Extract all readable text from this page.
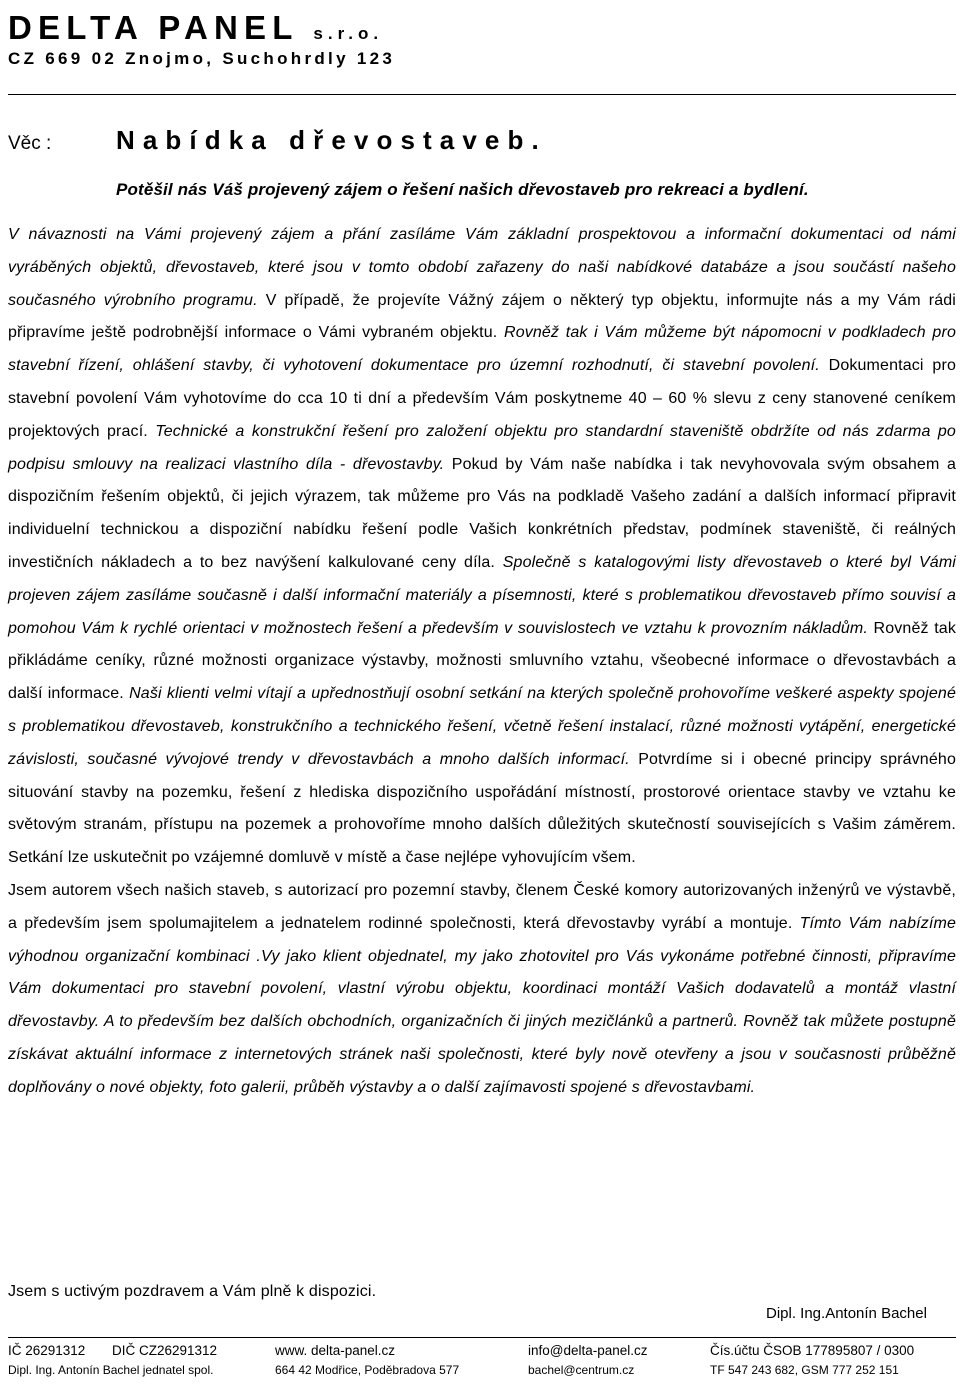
DELTA PANEL s.r.o.
CZ 669 02 Znojmo, Suchohrdly 123
Věc : Nabídka dřevostaveb.
Potěšil nás Váš projevený zájem o řešení našich dřevostaveb pro rekreaci a bydlení.

V návaznosti na Vámi projevený zájem a přání zasíláme Vám základní prospektovou a informační dokumentaci od námi vyráběných objektů, dřevostaveb, které jsou v tomto období zařazeny do naši nabídkové databáze a jsou součástí našeho současného výrobního programu. V případě, že projevíte Vážný zájem o některý typ objektu, informujte nás a my Vám rádi připravíme ještě podrobnější informace o Vámi vybraném objektu. Rovněž tak i Vám můžeme být nápomocni v podkladech pro stavební řízení, ohlášení stavby, či vyhotovení dokumentace pro územní rozhodnutí, či stavební povolení. Dokumentaci pro stavební povolení Vám vyhotovíme do cca 10 ti dní a především Vám poskytneme 40 – 60 % slevu z ceny stanovené ceníkem projektových prací. Technické a konstrukční řešení pro založení objektu pro standardní staveniště obdržíte od nás zdarma po podpisu smlouvy na realizaci vlastního díla - dřevostavby. Pokud by Vám naše nabídka i tak nevyhovovala svým obsahem a dispozičním řešením objektů, či jejich výrazem, tak můžeme pro Vás na podkladě Vašeho zadání a dalších informací připravit individuelní technickou a dispoziční nabídku řešení podle Vašich konkrétních představ, podmínek staveniště, či reálných investičních nákladech a to bez navýšení kalkulované ceny díla. Společně s katalogovými listy dřevostaveb o které byl Vámi projeven zájem zasíláme současně i další informační materiály a písemnosti, které s problematikou dřevostaveb přímo souvisí a pomohou Vám k rychlé orientaci v možnostech řešení a především v souvislostech ve vztahu k provozním nákladům. Rovněž tak přikládáme ceníky, různé možnosti organizace výstavby, možnosti smluvního vztahu, všeobecné informace o dřevostavbách a další informace. Naši klienti velmi vítají a upřednostňují osobní setkání na kterých společně prohovoříme veškeré aspekty spojené s problematikou dřevostaveb, konstrukčního a technického řešení, včetně řešení instalací, různé možnosti vytápění, energetické závislosti, současné vývojové trendy v dřevostavbách a mnoho dalších informací. Potvrdíme si i obecné principy správného situování stavby na pozemku, řešení z hlediska dispozičního uspořádání místností, prostorové orientace stavby ve vztahu ke světovým stranám, přístupu na pozemek a prohovoříme mnoho dalších důležitých skutečností souvisejících s Vašim záměrem. Setkání lze uskutečnit po vzájemné domluvě v místě a čase nejlépe vyhovujícím všem.
Jsem autorem všech našich staveb, s autorizací pro pozemní stavby, členem České komory autorizovaných inženýrů ve výstavbě, a především jsem spolumajitelem a jednatelem rodinné společnosti, která dřevostavby vyrábí a montuje. Tímto Vám nabízíme výhodnou organizační kombinaci .Vy jako klient objednatel, my jako zhotovitel pro Vás vykonáme potřebné činnosti, připravíme Vám dokumentaci pro stavební povolení, vlastní výrobu objektu, koordinaci montáží Vašich dodavatelů a montáž vlastní dřevostavby. A to především bez dalších obchodních, organizačních či jiných mezičlánků a partnerů. Rovněž tak můžete postupně získávat aktuální informace z internetových stránek naši společnosti, které byly nově otevřeny a jsou v současnosti průběžně doplňovány o nové objekty, foto galerii, průběh výstavby a o další zajímavosti spojené s dřevostavbami.

Jsem s uctivým pozdravem a Vám plně k dispozici.
Dipl. Ing.Antonín Bachel
IČ 26291312 DIČ CZ26291312	www. delta-panel.cz	info@delta-panel.cz	Čís.účtu ČSOB 177895807 / 0300
Dipl. Ing. Antonín Bachel jednatel spol.	664 42 Modřice, Poděbradova 577	bachel@centrum.cz	TF 547 243 682, GSM 777 252 151
